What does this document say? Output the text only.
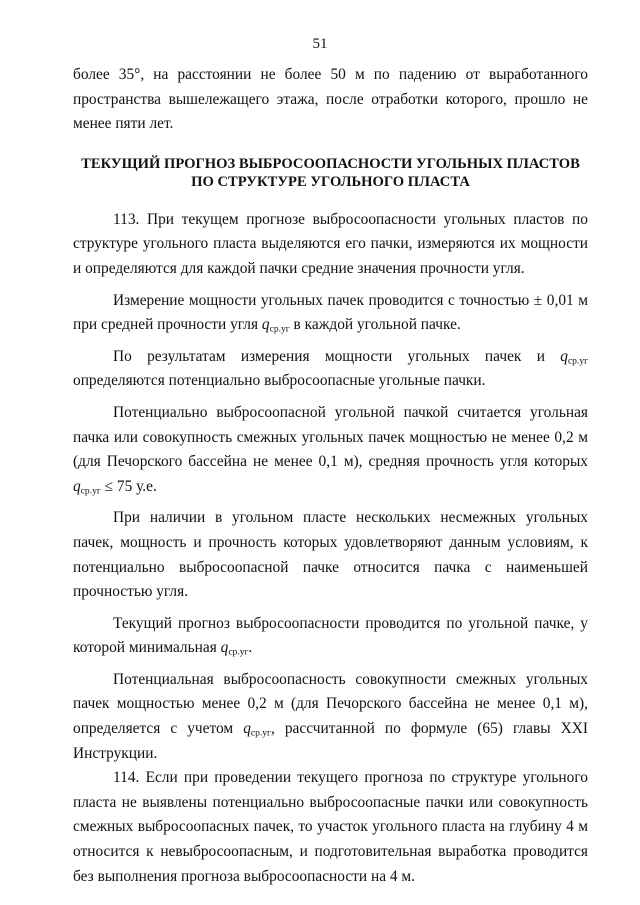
51

более 35°, на расстоянии не более 50 м по падению от выработанного пространства вышележащего этажа, после отработки которого, прошло не менее пяти лет.

ТЕКУЩИЙ ПРОГНОЗ ВЫБРОСООПАСНОСТИ УГОЛЬНЫХ ПЛАСТОВ
ПО СТРУКТУРЕ УГОЛЬНОГО ПЛАСТА

113. При текущем прогнозе выбросоопасности угольных пластов по структуре угольного пласта выделяются его пачки, измеряются их мощности и определяются для каждой пачки средние значения прочности угля.

Измерение мощности угольных пачек проводится с точностью ± 0,01 м при средней прочности угля $q_{ср.уг}$ в каждой угольной пачке.

По результатам измерения мощности угольных пачек и $q_{ср.уг}$ определяются потенциально выбросоопасные угольные пачки.

Потенциально выбросоопасной угольной пачкой считается угольная пачка или совокупность смежных угольных пачек мощностью не менее 0,2 м (для Печорского бассейна не менее 0,1 м), средняя прочность угля которых $q_{ср.уг} \le 75$ у.е.

При наличии в угольном пласте нескольких несмежных угольных пачек, мощность и прочность которых удовлетворяют данным условиям, к потенциально выбросоопасной пачке относится пачка с наименьшей прочностью угля.

Текущий прогноз выбросоопасности проводится по угольной пачке, у которой минимальная $q_{ср.уг}$.

Потенциальная выбросоопасность совокупности смежных угольных пачек мощностью менее 0,2 м (для Печорского бассейна не менее 0,1 м), определяется с учетом $q_{ср.уг}$, рассчитанной по формуле (65) главы XXI Инструкции.

114. Если при проведении текущего прогноза по структуре угольного пласта не выявлены потенциально выбросоопасные пачки или совокупность смежных выбросоопасных пачек, то участок угольного пласта на глубину 4 м относится к невыбросоопасным, и подготовительная выработка проводится без выполнения прогноза выбросоопасности на 4 м.
